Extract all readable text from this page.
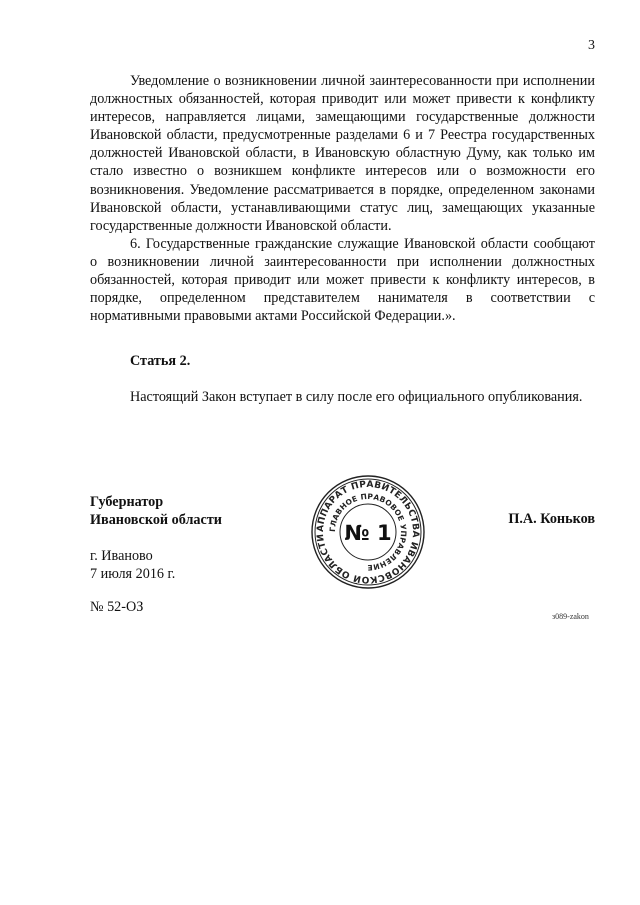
3

Уведомление о возникновении личной заинтересованности при исполнении должностных обязанностей, которая приводит или может привести к конфликту интересов, направляется лицами, замещающими государственные должности Ивановской области, предусмотренные разделами 6 и 7 Реестра государственных должностей Ивановской области, в Ивановскую областную Думу, как только им стало известно о возникшем конфликте интересов или о возможности его возникновения. Уведомление рассматривается в порядке, определенном законами Ивановской области, устанавливающими статус лиц, замещающих указанные государственные должности Ивановской области.

6. Государственные гражданские служащие Ивановской области сообщают о возникновении личной заинтересованности при исполнении должностных обязанностей, которая приводит или может привести к конфликту интересов, в порядке, определенном представителем нанимателя в соответствии с нормативными правовыми актами Российской Федерации.».

Статья 2.

Настоящий Закон вступает в силу после его официального опубликования.

Губернатор
Ивановской области
АППАРАТ ПРАВИТЕЛЬСТВА ИВАНОВСКОЙ ОБЛАСТИ
ГЛАВНОЕ ПРАВОВОЕ УПРАВЛЕНИЕ
№ 1
П.А. Коньков
г. Иваново
7 июля 2016 г.
№ 52-ОЗ
з089-zakon
